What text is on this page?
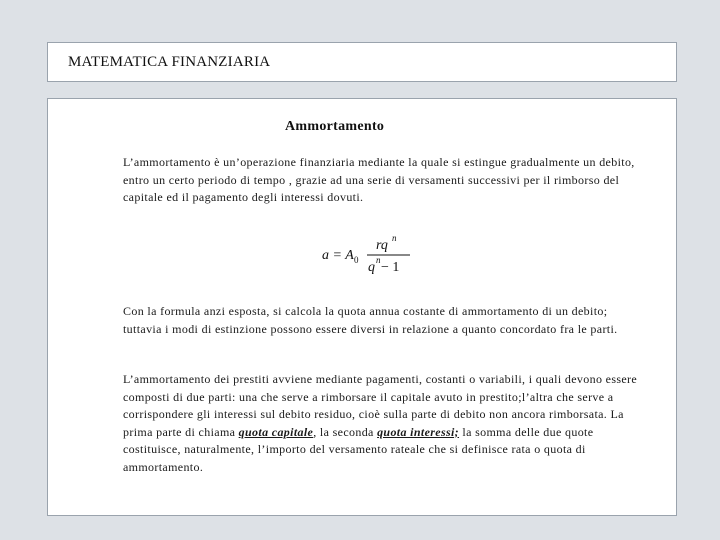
MATEMATICA FINANZIARIA
Ammortamento

L’ammortamento è un’operazione finanziaria mediante la quale si estingue gradualmente un debito, entro un certo periodo di tempo , grazie ad una serie di versamenti successivi per il rimborso del capitale ed il pagamento degli interessi dovuti.

a = A 0
rq n
q n − 1

Con la formula anzi esposta, si calcola la quota annua costante di ammortamento di un debito; tuttavia i modi di estinzione possono essere diversi in relazione a quanto concordato fra le parti.

L’ammortamento dei prestiti avviene mediante pagamenti, costanti o variabili, i quali devono essere composti di due parti: una che serve a rimborsare il capitale avuto in prestito;l’altra che serve a corrispondere gli interessi sul debito residuo, cioè sulla parte di debito non ancora rimborsata. La prima parte di chiama quota capitale, la seconda quota interessi; la somma delle due quote costituisce, naturalmente, l’importo del versamento rateale che si definisce rata o quota di ammortamento.
